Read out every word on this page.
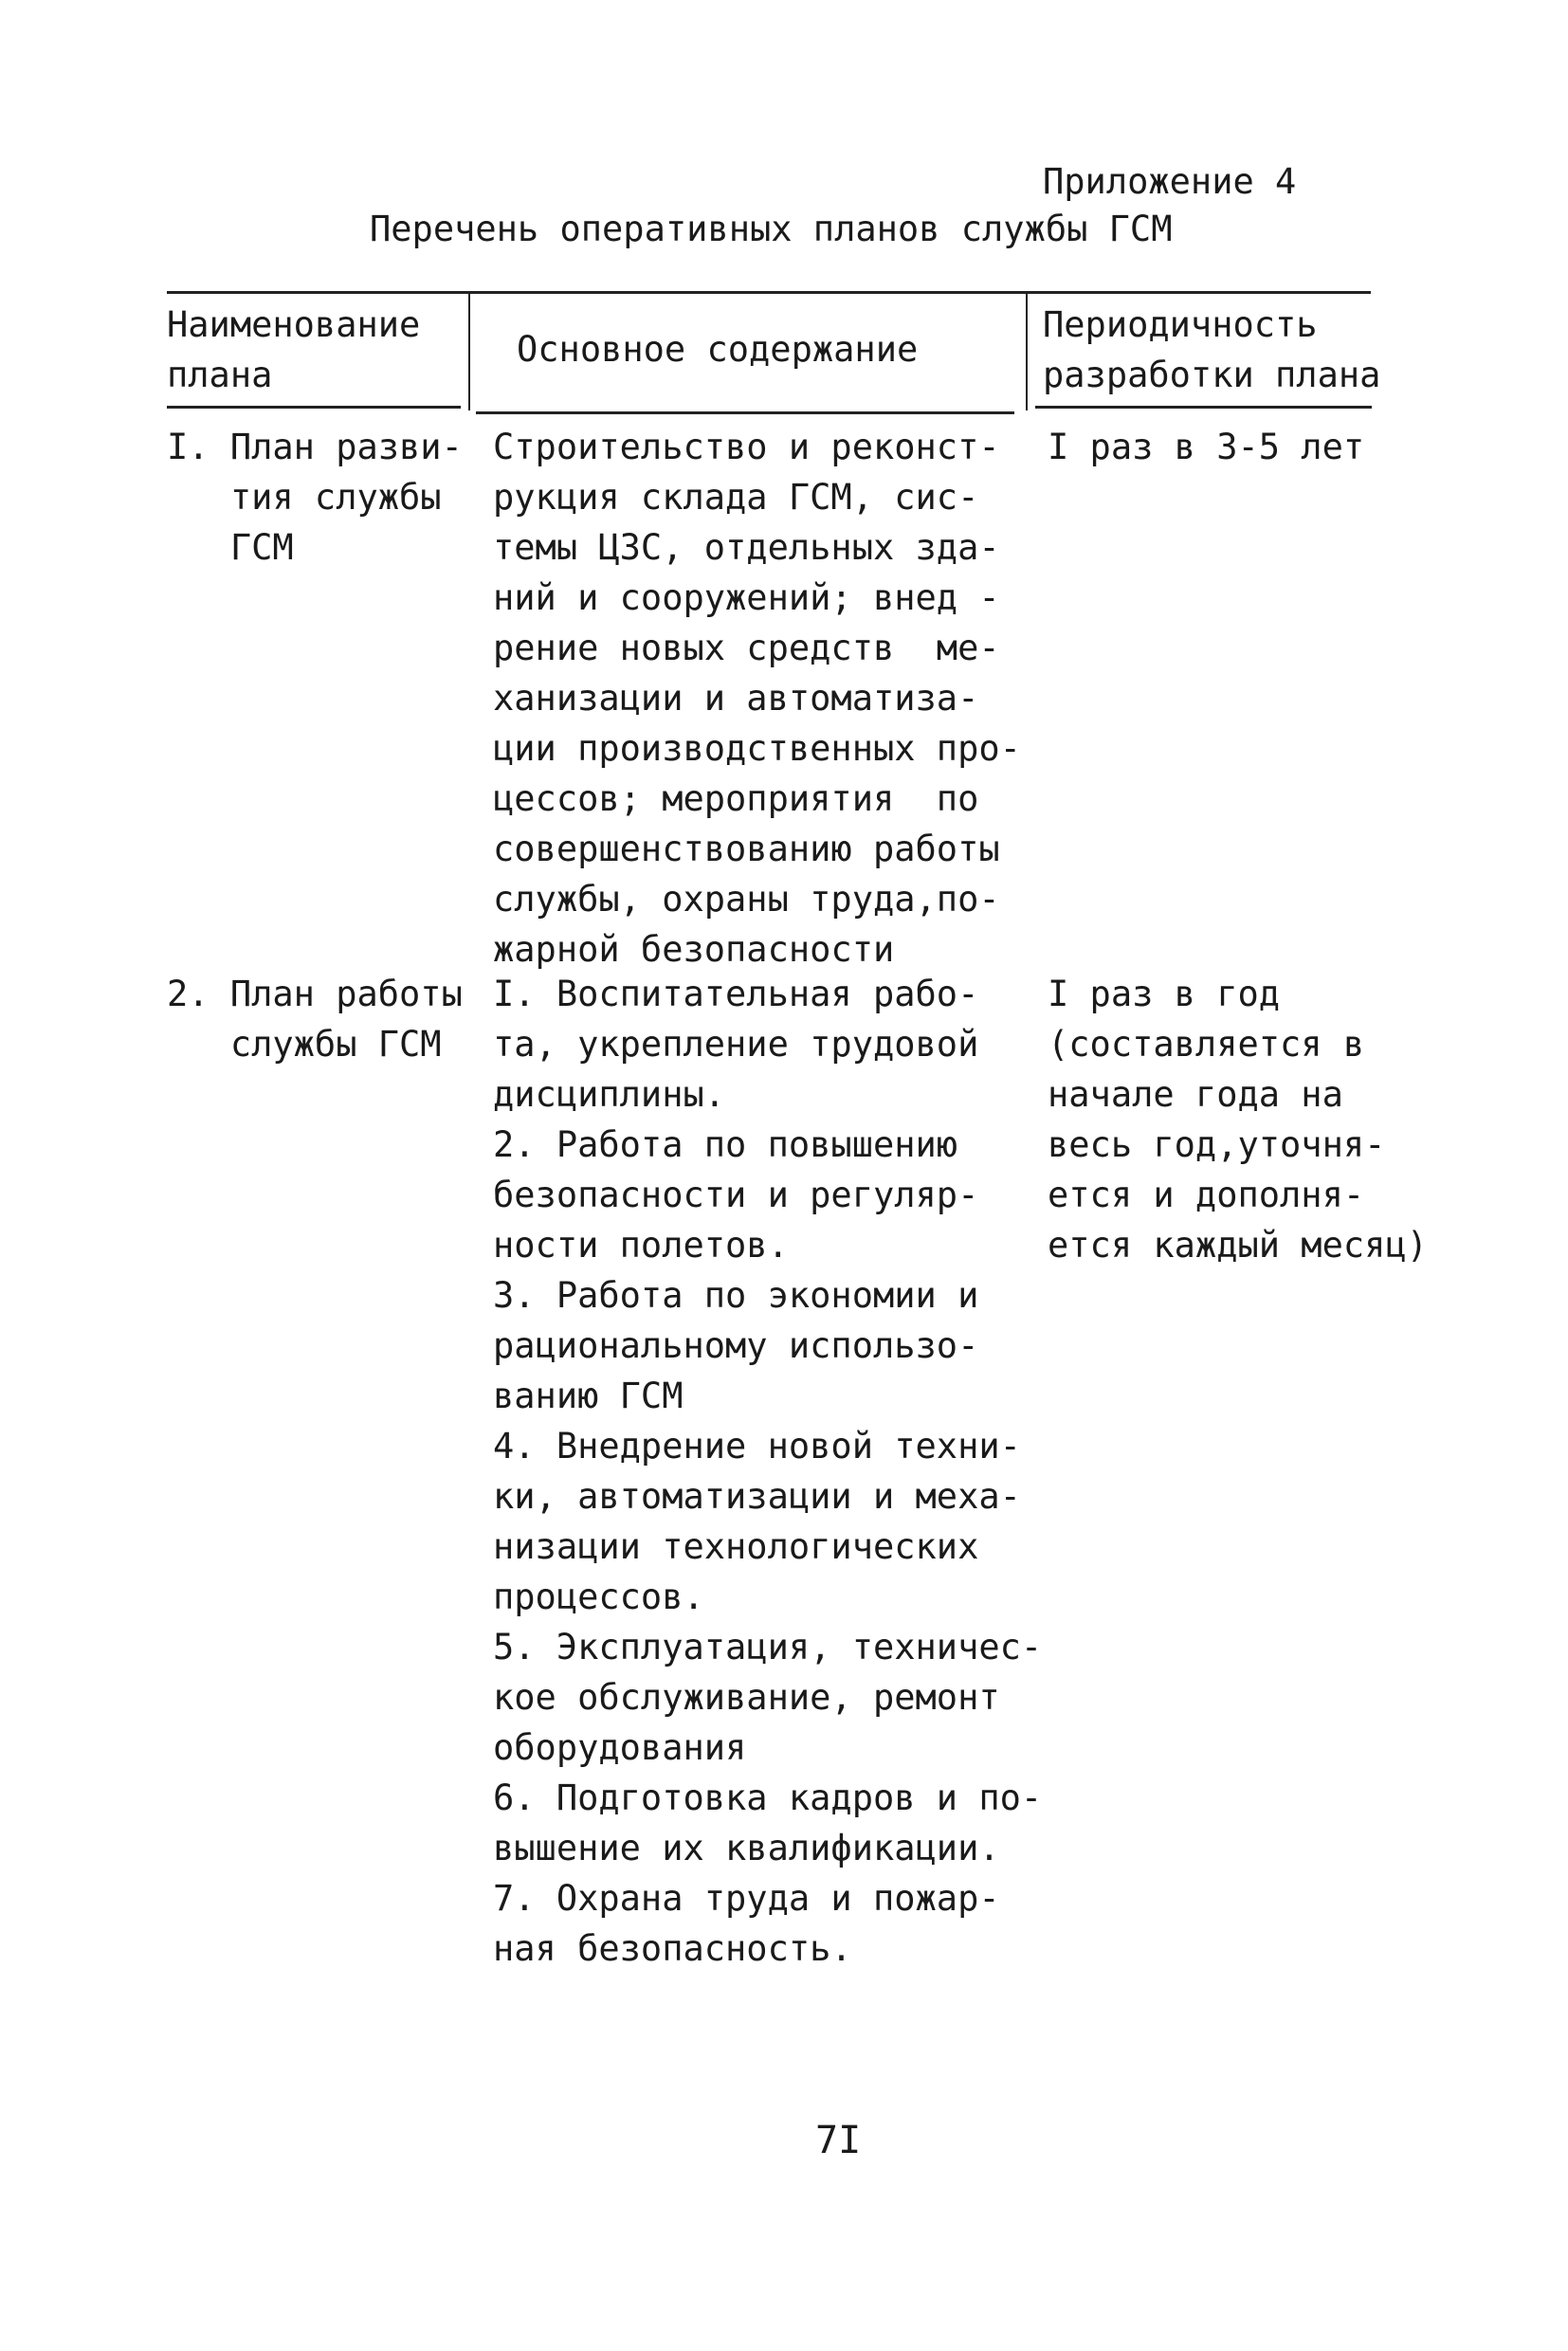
Приложение 4
Перечень оперативных планов службы ГСМ
Наименование
плана
Основное содержание
Периодичность
разработки плана
I. План разви-
тия службы
ГСМ
Строительство и реконст-
рукция склада ГСМ, сис-
темы ЦЗС, отдельных зда-
ний и сооружений; внед -
рение новых средств  ме-
ханизации и автоматиза-
ции производственных про-
цессов; мероприятия  по
совершенствованию работы
службы, охраны труда,по-
жарной безопасности
I раз в 3-5 лет
2. План работы
службы ГСМ
I. Воспитательная рабо-
та, укрепление трудовой
дисциплины.
2. Работа по повышению
безопасности и регуляр-
ности полетов.
3. Работа по экономии и
рациональному использо-
ванию ГСМ
4. Внедрение новой техни-
ки, автоматизации и меха-
низации технологических
процессов.
5. Эксплуатация, техничес-
кое обслуживание, ремонт
оборудования
6. Подготовка кадров и по-
вышение их квалификации.
7. Охрана труда и пожар-
ная безопасность.
I раз в год
(составляется в
начале года на
весь год,уточня-
ется и дополня-
ется каждый месяц)
7I
